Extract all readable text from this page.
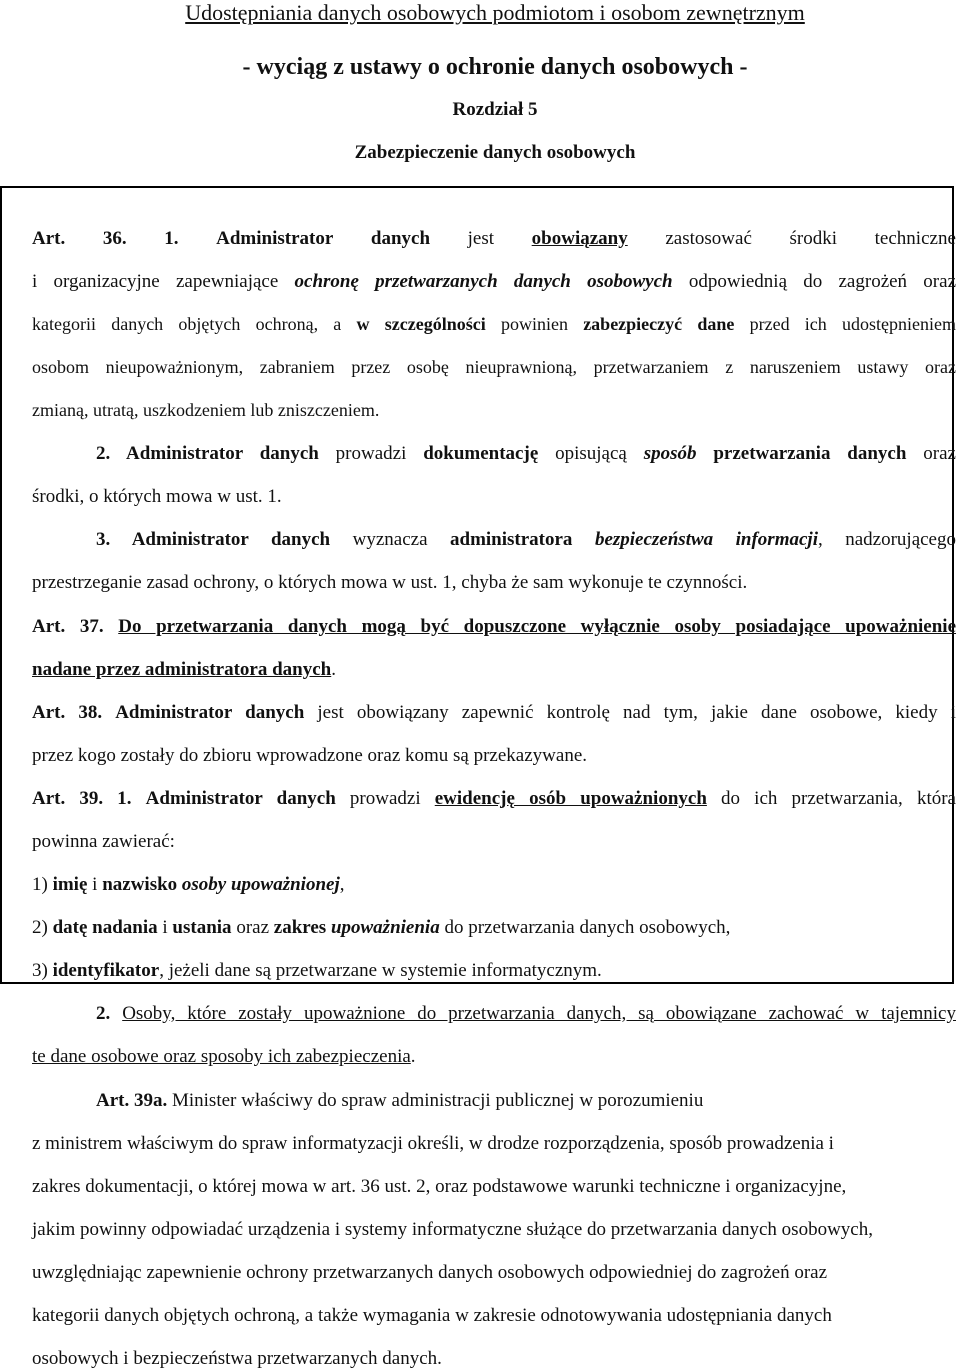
Udostępniania danych osobowych podmiotom i osobom zewnętrznym
- wyciąg z ustawy o ochronie danych osobowych -
Rozdział 5
Zabezpieczenie danych osobowych
Art. 36. 1. Administrator danych jest obowiązany zastosować środki techniczne
i organizacyjne zapewniające ochronę przetwarzanych danych osobowych odpowiednią do zagrożeń oraz
kategorii danych objętych ochroną, a w szczególności powinien zabezpieczyć dane przed ich udostępnieniem
osobom nieupoważnionym, zabraniem przez osobę nieuprawnioną, przetwarzaniem z naruszeniem ustawy oraz
zmianą, utratą, uszkodzeniem lub zniszczeniem.
2. Administrator danych prowadzi dokumentację opisującą sposób przetwarzania danych oraz
środki, o których mowa w ust. 1.
3. Administrator danych wyznacza administratora bezpieczeństwa informacji, nadzorującego
przestrzeganie zasad ochrony, o których mowa w ust. 1, chyba że sam wykonuje te czynności.
Art. 37. Do przetwarzania danych mogą być dopuszczone wyłącznie osoby posiadające upoważnienie
nadane przez administratora danych.
Art. 38. Administrator danych jest obowiązany zapewnić kontrolę nad tym, jakie dane osobowe, kiedy i
przez kogo zostały do zbioru wprowadzone oraz komu są przekazywane.
Art. 39. 1. Administrator danych prowadzi ewidencję osób upoważnionych do ich przetwarzania, która
powinna zawierać:
1) imię i nazwisko osoby upoważnionej,
2) datę nadania i ustania oraz zakres upoważnienia do przetwarzania danych osobowych,
3) identyfikator, jeżeli dane są przetwarzane w systemie informatycznym.
2. Osoby, które zostały upoważnione do przetwarzania danych, są obowiązane zachować w tajemnicy
te dane osobowe oraz sposoby ich zabezpieczenia.
Art. 39a. Minister właściwy do spraw administracji publicznej w porozumieniu
z ministrem właściwym do spraw informatyzacji określi, w drodze rozporządzenia, sposób prowadzenia i
zakres dokumentacji, o której mowa w art. 36 ust. 2, oraz podstawowe warunki techniczne i organizacyjne,
jakim powinny odpowiadać urządzenia i systemy informatyczne służące do przetwarzania danych osobowych,
uwzględniając zapewnienie ochrony przetwarzanych danych osobowych odpowiedniej do zagrożeń oraz
kategorii danych objętych ochroną, a także wymagania w zakresie odnotowywania udostępniania danych
osobowych i bezpieczeństwa przetwarzanych danych.
